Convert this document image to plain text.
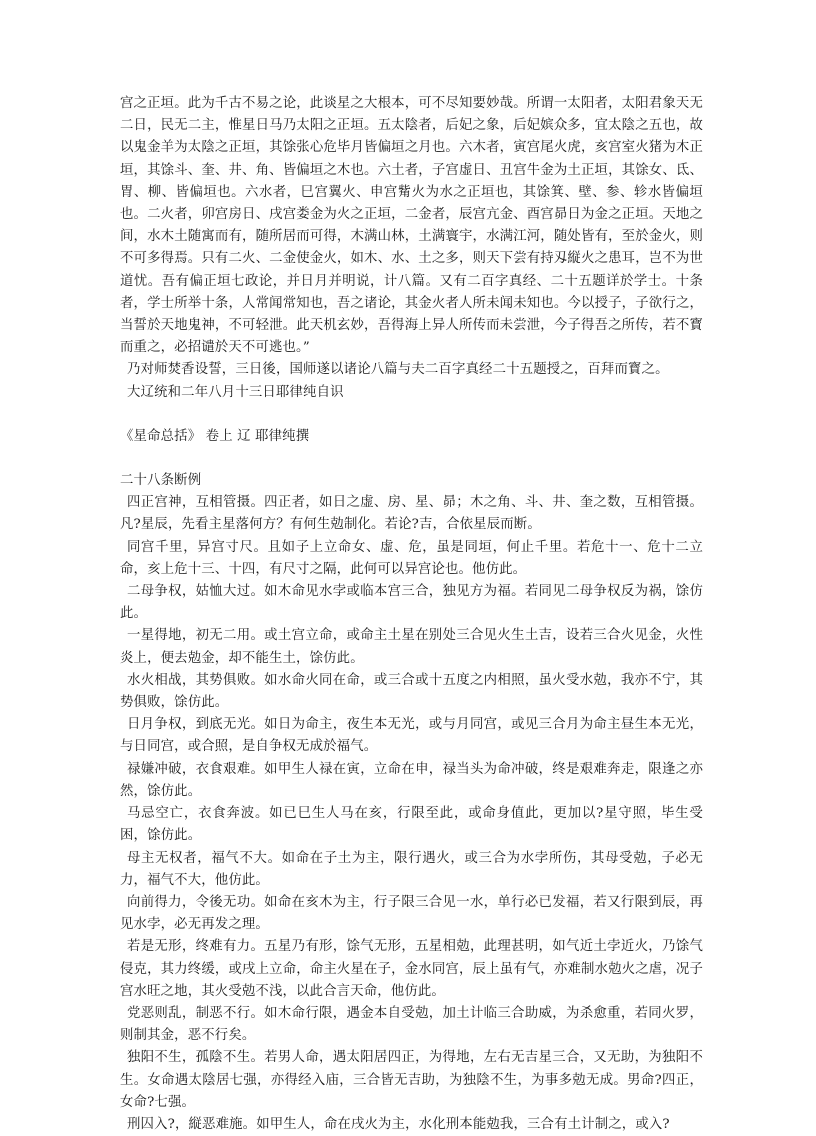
宫之正垣。此为千古不易之论，此谈星之大根本，可不尽知要妙哉。所谓一太阳者，太阳君象天无二日，民无二主，惟星日马乃太阳之正垣。五太陰者，后妃之象，后妃嫔众多，宜太陰之五也，故以鬼金羊为太陰之正垣，其馀张心危毕月皆偏垣之月也。六木者，寅宫尾火虎，亥宫室火猪为木正垣，其馀斗、奎、井、角、皆偏垣之木也。六土者，子宫虚日、丑宫牛金为土正垣，其馀女、氐、胃、柳、皆偏垣也。六水者，巳宫翼火、申宫觜火为水之正垣也，其馀箕、壁、参、轸水皆偏垣也。二火者，卯宫房日、戌宫娄金为火之正垣，二金者，辰宫亢金、酉宫昴日为金之正垣。天地之间，水木土随寓而有，随所居而可得，木满山林，土满寰宇，水满江河，随处皆有，至於金火，则不可多得焉。只有二火、二金使金火，如木、水、土之多，则天下尝有持刄縦火之患耳，岂不为世道忧。吾有偏正垣七政论，并日月并明说，计八篇。又有二百字真经、二十五题详於学士。十条者，学士所举十条，人常闻常知也，吾之诸论，其金火者人所未闻未知也。今以授子，子欲行之，当誓於天地鬼神，不可轻泄。此天机玄妙，吾得海上异人所传而未尝泄，今子得吾之所传，若不寳而重之，必招谴於天不可逃也。”

乃对师焚香设誓，三日後，国师遂以诸论八篇与夫二百字真经二十五题授之，百拜而寳之。

大辽统和二年八月十三日耶律纯自识

《星命总括》 卷上 辽 耶律纯撰

二十八条断例

四正宫神，互相管摄。四正者，如日之虚、房、星、昴；木之角、斗、井、奎之数，互相管摄。凡?星辰，先看主星落何方？有何生勊制化。若论?吉，合依星辰而断。

同宫千里，异宫寸尺。且如子上立命女、虚、危，虽是同垣，何止千里。若危十一、危十二立命，亥上危十三、十四，有尺寸之隔，此何可以异宫论也。他仿此。

二母争权，姑恤大过。如木命见水孛或临本宫三合，独见方为福。若同见二母争权反为祸，馀仿此。

一星得地，初无二用。或土宫立命，或命主土星在别处三合见火生土吉，设若三合火见金，火性炎上，便去勊金，却不能生土，馀仿此。

水火相战，其势俱败。如水命火同在命，或三合或十五度之内相照，虽火受水勊，我亦不宁，其势俱败，馀仿此。

日月争权，到底无光。如日为命主，夜生本无光，或与月同宫，或见三合月为命主昼生本无光，与日同宫，或合照，是自争权无成於福气。

禄嫌冲破，衣食艰难。如甲生人禄在寅，立命在申，禄当头为命冲破，终是艰难奔走，限逢之亦然，馀仿此。

马忌空亡，衣食奔波。如已巳生人马在亥，行限至此，或命身值此，更加以?星守照，毕生受困，馀仿此。

母主无权者，福气不大。如命在子土为主，限行遇火，或三合为水孛所伤，其母受勊，子必无力，福气不大，他仿此。

向前得力，令後无功。如命在亥木为主，行子限三合见一水，单行必已发福，若又行限到辰，再见水孛，必无再发之理。

若是无形，终难有力。五星乃有形，馀气无形，五星相勊，此理甚明，如气近土孛近火，乃馀气侵克，其力终缓，或戌上立命，命主火星在子，金水同宫，辰上虽有气，亦难制水勊火之虐，况子宫水旺之地，其火受勊不浅，以此合言天命，他仿此。

党恶则乱，制恶不行。如木命行限，遇金本自受勊，加土计临三合助威，为杀愈重，若同火罗，则制其金，恶不行矣。

独阳不生，孤陰不生。若男人命，遇太阳居四正，为得地，左右无吉星三合，又无助，为独阳不生。女命遇太陰居七强，亦得经入庙，三合皆无吉助，为独陰不生，为事多勊无成。男命?四正，女命?七强。

刑囚入?，縦恶难施。如甲生人，命在戌火为主，水化刑本能勊我，三合有土计制之，或入?
